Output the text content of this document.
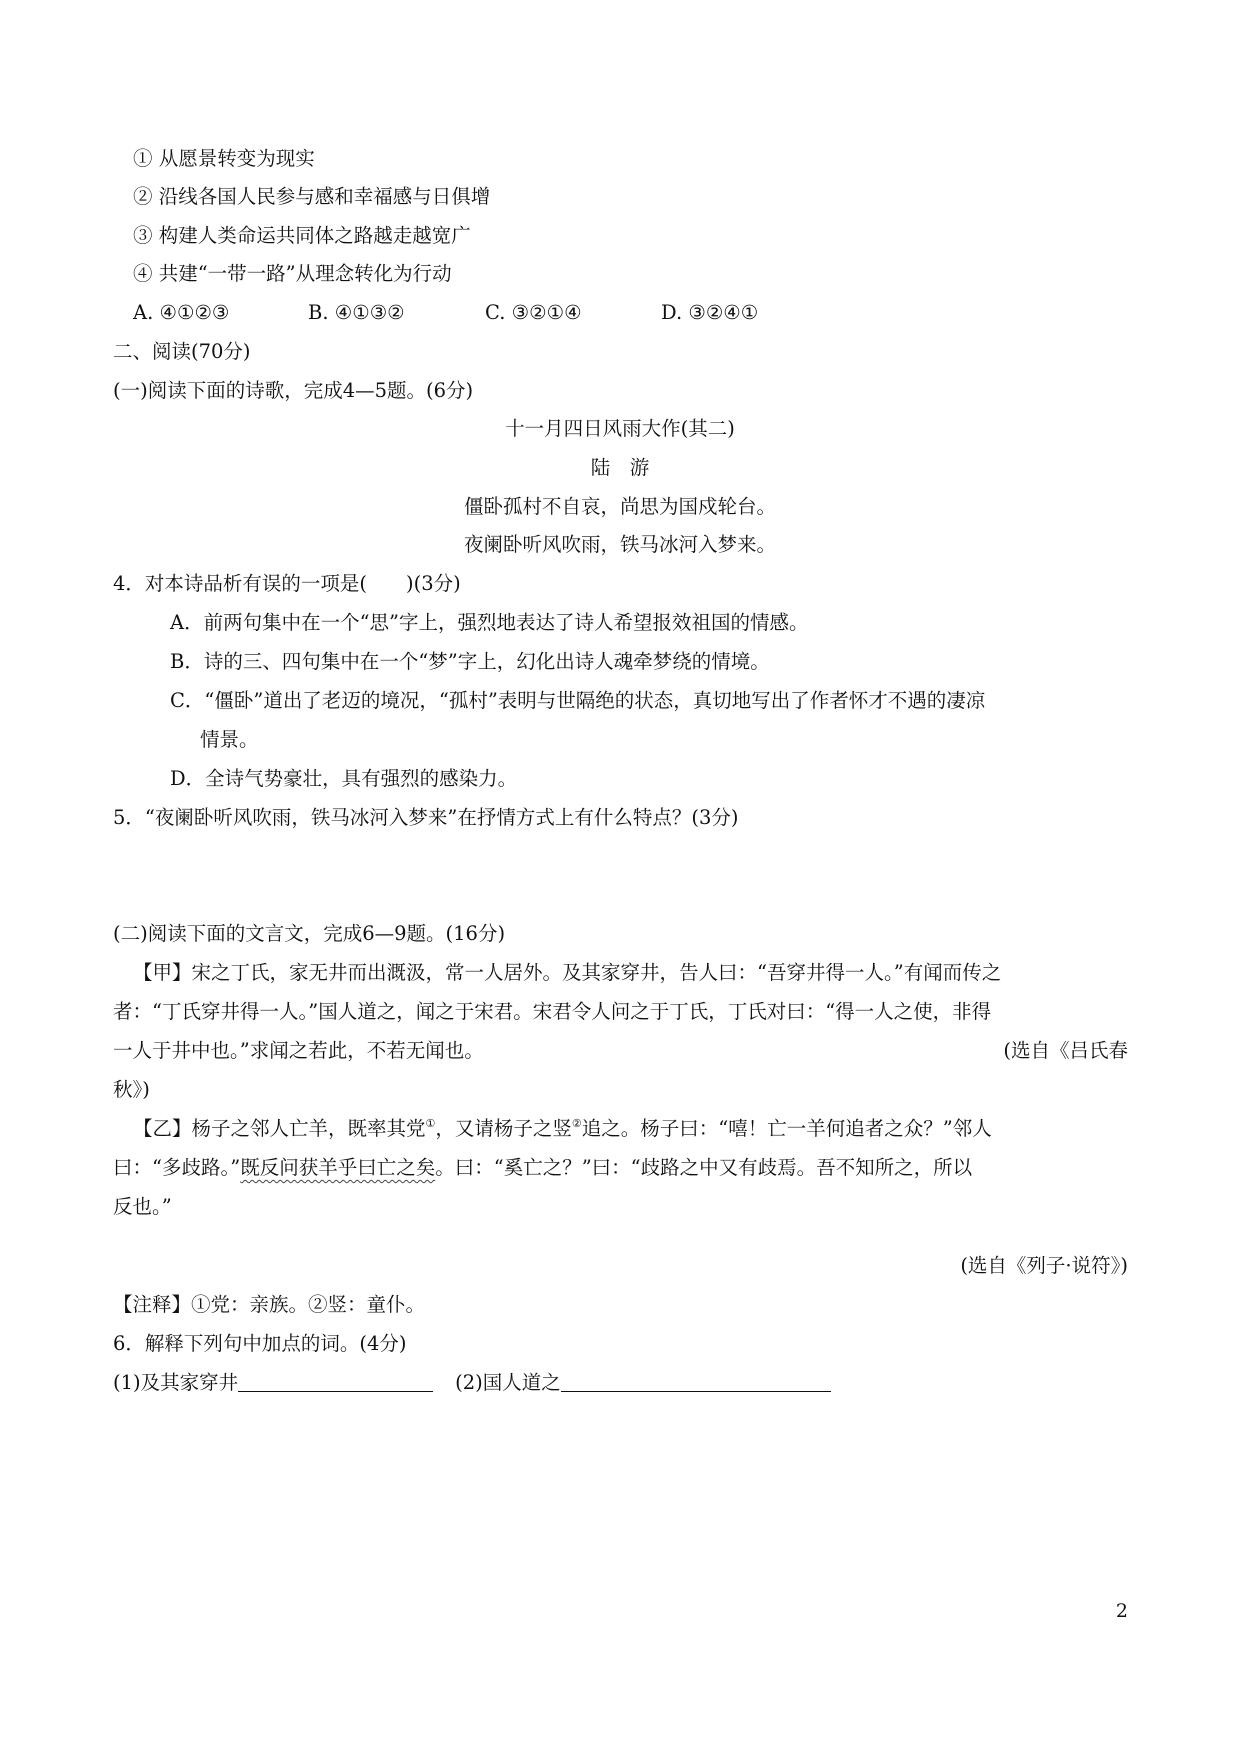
① 从愿景转变为现实
② 沿线各国人民参与感和幸福感与日俱增
③ 构建人类命运共同体之路越走越宽广
④ 共建“一带一路”从理念转化为行动
A. ④①②③	B. ④①③②	C. ③②①④	D. ③②④①
二、阅读(70分)
(一)阅读下面的诗歌，完成4—5题。(6分)
十一月四日风雨大作(其二)
陆　游
僵卧孤村不自哀，尚思为国戍轮台。
夜阑卧听风吹雨，铁马冰河入梦来。
4．对本诗品析有误的一项是(　　)(3分)
A．前两句集中在一个“思”字上，强烈地表达了诗人希望报效祖国的情感。
B．诗的三、四句集中在一个“梦”字上，幻化出诗人魂牵梦绕的情境。
C．“僵卧”道出了老迈的境况，“孤村”表明与世隔绝的状态，真切地写出了作者怀才不遇的凄凉
情景。
D．全诗气势豪壮，具有强烈的感染力。
5．“夜阑卧听风吹雨，铁马冰河入梦来”在抒情方式上有什么特点？(3分)
(二)阅读下面的文言文，完成6—9题。(16分)
【甲】宋之丁氏，家无井而出溉汲，常一人居外。及其家穿井，告人曰：“吾穿井得一人。”有闻而传之
者：“丁氏穿井得一人。”国人道之，闻之于宋君。宋君令人问之于丁氏，丁氏对曰：“得一人之使，非得
一人于井中也。”求闻之若此，不若无闻也。	(选自《吕氏春
秋》)
【乙】杨子之邻人亡羊，既率其党①，又请杨子之竖②追之。杨子曰：“嘻！亡一羊何追者之众？”邻人
曰：“多歧路。”既反问获羊乎曰亡之矣。曰：“奚亡之？”曰：“歧路之中又有歧焉。吾不知所之，所以
反也。”
(选自《列子·说符》)
【注释】①党：亲族。②竖：童仆。
6．解释下列句中加点的词。(4分)
(1)及其家穿井	(2)国人道之
2
